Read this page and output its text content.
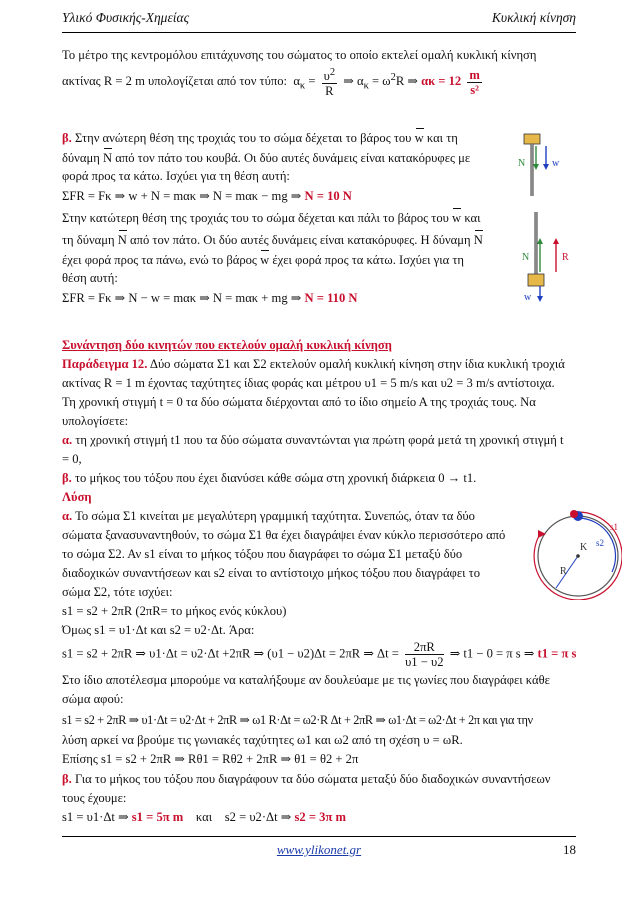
Υλικό Φυσικής-Χημείας	Κυκλική κίνηση
Το μέτρο της κεντρομόλου επιτάχυνσης του σώματος το οποίο εκτελεί ομαλή κυκλική κίνηση
ακτίνας R = 2 m υπολογίζεται από τον τύπο:  $\alpha_\kappa = \frac{\upsilon^2}{R}$ ⇒ $\alpha_\kappa = \omega^2R$ ⇒ $\alpha\kappa = 12 \frac{m}{\text{s²}}$
β. Στην ανώτερη θέση της τροχιάς του το σώμα δέχεται το βάρος του w και τη
δύναμη N από τον πάτο του κουβά. Οι δύο αυτές δυνάμεις είναι κατακόρυφες με
φορά προς τα κάτω. Ισχύει για τη θέση αυτή:
ΣFR = Fκ ⇒ w + N = mακ ⇒ N = mακ − mg ⇒ N = 10 N
Στην κατώτερη θέση της τροχιάς του το σώμα δέχεται και πάλι το βάρος του w και
τη δύναμη N από τον πάτο. Οι δύο αυτές δυνάμεις είναι κατακόρυφες. Η δύναμη N
έχει φορά προς τα πάνω, ενώ το βάρος w έχει φορά προς τα κάτω. Ισχύει για τη
θέση αυτή:
ΣFR = Fκ ⇒ N − w = mακ ⇒ N = mακ + mg ⇒ N = 110 N
N	w
N	R
w
Συνάντηση δύο κινητών που εκτελούν ομαλή κυκλική κίνηση
Παράδειγμα 12. Δύο σώματα Σ1 και Σ2 εκτελούν ομαλή κυκλική κίνηση στην ίδια κυκλική τροχιά
ακτίνας R = 1 m έχοντας ταχύτητες ίδιας φοράς και μέτρου υ1 = 5 m/s και υ2 = 3 m/s αντίστοιχα.
Τη χρονική στιγμή t = 0 τα δύο σώματα διέρχονται από το ίδιο σημείο Α της τροχιάς τους. Να
υπολογίσετε:
α. τη χρονική στιγμή t1 που τα δύο σώματα συναντώνται για πρώτη φορά μετά τη χρονική στιγμή t
= 0,
β. το μήκος του τόξου που έχει διανύσει κάθε σώμα στη χρονική διάρκεια 0 → t1.
Λύση
α. Το σώμα Σ1 κινείται με μεγαλύτερη γραμμική ταχύτητα. Συνεπώς, όταν τα δύο
σώματα ξανασυναντηθούν, το σώμα Σ1 θα έχει διαγράψει έναν κύκλο περισσότερο από
το σώμα Σ2. Αν s1 είναι το μήκος τόξου που διαγράφει το σώμα Σ1 μεταξύ δύο
διαδοχικών συναντήσεων και s2 είναι το αντίστοιχο μήκος τόξου που διαγράφει το
σώμα Σ2, τότε ισχύει:
s1 = s2 + 2πR (2πR= το μήκος ενός κύκλου)
Όμως s1 = υ1·Δt και s2 = υ2·Δt. Άρα:
s1 = s2 + 2πR ⇒ υ1·Δt = υ2·Δt +2πR ⇒ (υ1 − υ2)Δt = 2πR ⇒ $\Delta t = \frac{2\pi R}{\upsilon 1 - \upsilon 2}$ ⇒ t1 − 0 = π s ⇒ t1 = π s
K
R
s1
s2
Στο ίδιο αποτέλεσμα μπορούμε να καταλήξουμε αν δουλεύαμε με τις γωνίες που διαγράφει κάθε
σώμα αφού:
s1 = s2 + 2πR ⇒ υ1·Δt = υ2·Δt + 2πR ⇒ ω1 R·Δt = ω2·R Δt + 2πR ⇒ ω1·Δt = ω2·Δt + 2π και για την
λύση αρκεί να βρούμε τις γωνιακές ταχύτητες ω1 και ω2 από τη σχέση υ = ωR.
Επίσης s1 = s2 + 2πR ⇒ Rθ1 = Rθ2 + 2πR ⇒ θ1 = θ2 + 2π
β. Για το μήκος του τόξου που διαγράφουν τα δύο σώματα μεταξύ δύο διαδοχικών συναντήσεων
τους έχουμε:
s1 = υ1·Δt ⇒ s1 = 5π m και s2 = υ2·Δt ⇒ s2 = 3π m
www.ylikonet.gr	18
